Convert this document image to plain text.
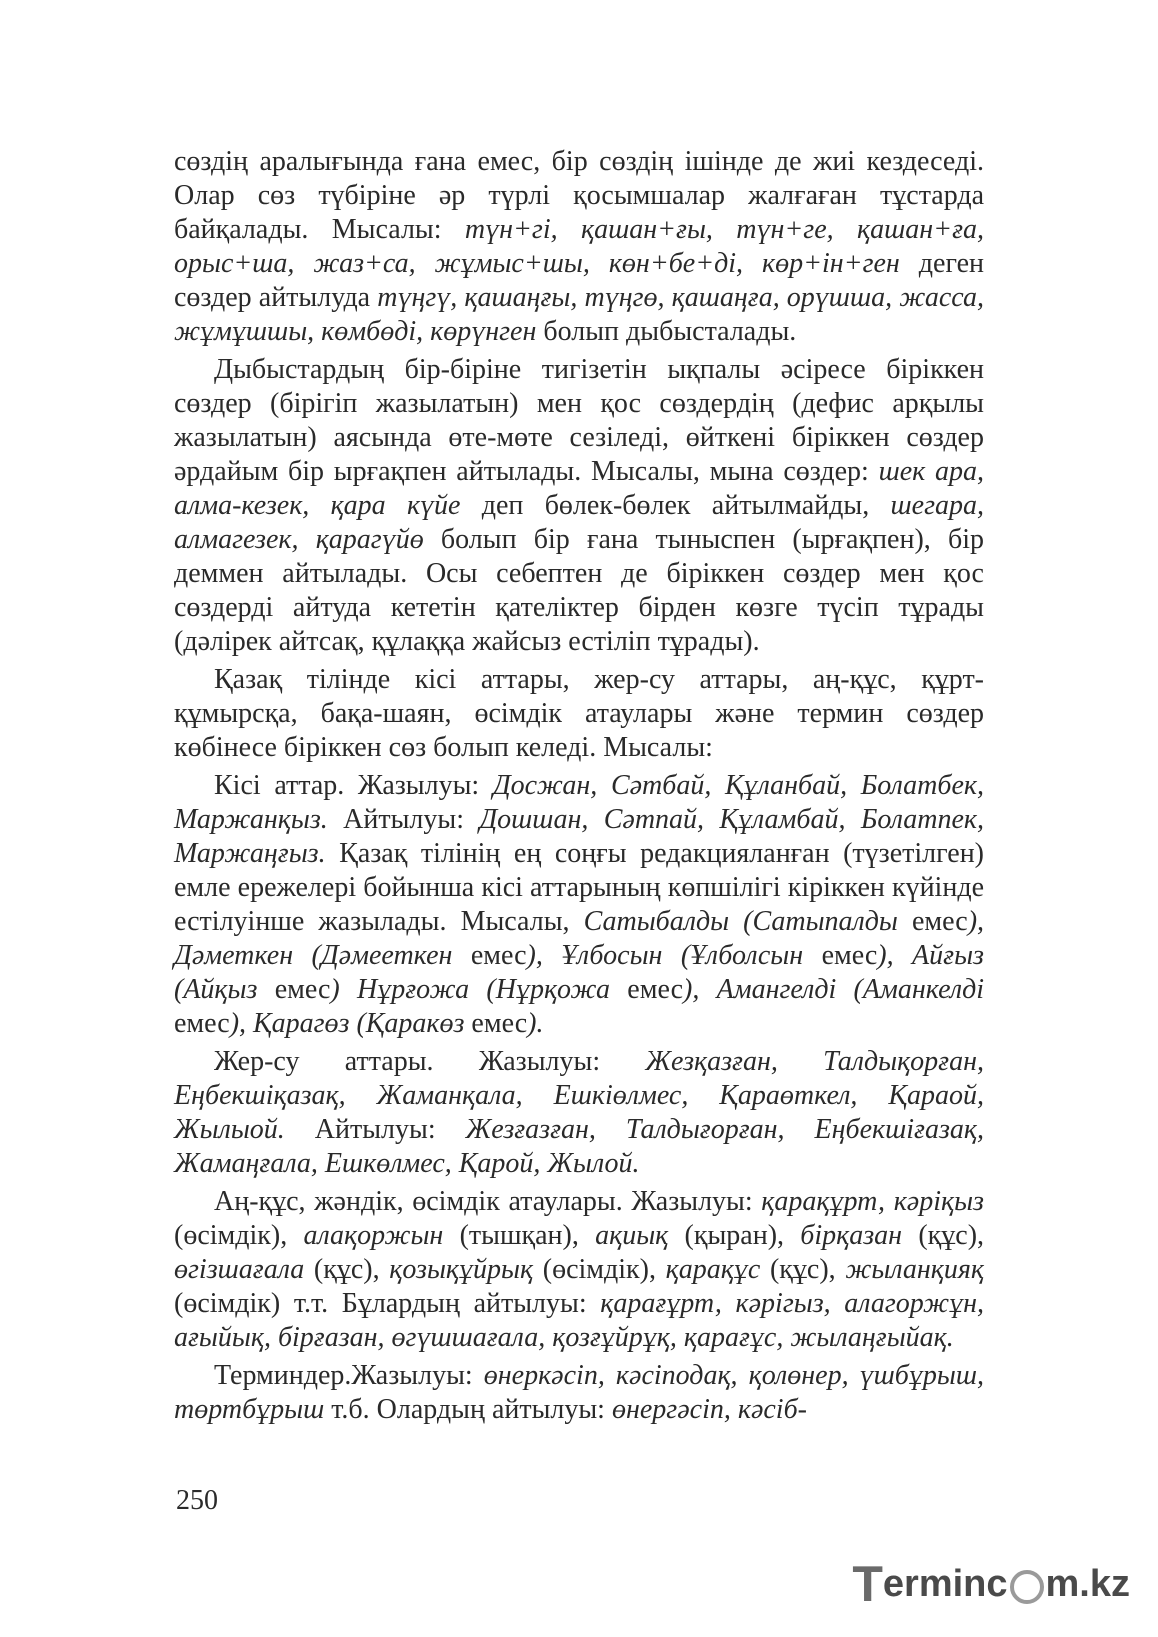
сөздің аралығында ғана емес, бір сөздің ішінде де жиі кездеседі. Олар сөз түбіріне әр түрлі қосымшалар жалғаған тұстарда байқалады. Мысалы: түн+гі, қашан+ғы, түн+ге, қашан+ға, орыс+ша, жаз+са, жұмыс+шы, көн+бе+ді, көр+ін+ген деген сөздер айтылуда түңгү, қашаңғы, түңгө, қашаңға, орүшша, жасса, жұмұшшы, көмбөді, көрүнген болып дыбысталады.

Дыбыстардың бір-біріне тигізетін ықпалы әсіресе біріккен сөздер (бірігіп жазылатын) мен қос сөздердің (дефис арқылы жазылатын) аясында өте-мөте сезіледі, өйткені біріккен сөздер әрдайым бір ырғақпен айтылады. Мысалы, мына сөздер: шек ара, алма-кезек, қара күйе деп бөлек-бөлек айтылмайды, шегара, алмагезек, қарагүйө болып бір ғана тыныспен (ырғақпен), бір деммен айтылады. Осы себептен де біріккен сөздер мен қос сөздерді айтуда кететін қателіктер бірден көзге түсіп тұрады (дәлірек айтсақ, құлаққа жайсыз естіліп тұрады).

Қазақ тілінде кісі аттары, жер-су аттары, аң-құс, құрт-құмырсқа, бақа-шаян, өсімдік атаулары және термин сөздер көбінесе біріккен сөз болып келеді. Мысалы:

Кісі аттар. Жазылуы: Досжан, Сәтбай, Құланбай, Болатбек, Маржанқыз. Айтылуы: Дошшан, Сәтпай, Құламбай, Болатпек, Маржаңғыз. Қазақ тілінің ең соңғы редакцияланған (түзетілген) емле ережелері бойынша кісі аттарының көпшілігі кіріккен күйінде естілуінше жазылады. Мысалы, Сатыбалды (Сатыпалды емес), Дәметкен (Дәмееткен емес), Ұлбосын (Ұлболсын емес), Айғыз (Айқыз емес) Нұрғожа (Нұрқожа емес), Амангелді (Аманкелді емес), Қарагөз (Қаракөз емес).

Жер-су аттары. Жазылуы: Жезқазған, Талдықорған, Еңбекшіқазақ, Жаманқала, Ешкіөлмес, Қараөткел, Қараой, Жылыой. Айтылуы: Жезғазған, Талдығорған, Еңбекшіғазақ, Жамаңғала, Ешкөлмес, Қарой, Жылой.

Аң-құс, жәндік, өсімдік атаулары. Жазылуы: қарақұрт, кәріқыз (өсімдік), алақоржын (тышқан), ақиық (қыран), бірқазан (құс), өгізшағала (құс), қозықұйрық (өсімдік), қарақұс (құс), жыланқияқ (өсімдік) т.т. Бұлардың айтылуы: қарағұрт, кәрігыз, алагоржұн, ағыйық, бірғазан, өгүшшағала, қозғұйрұқ, қарағұс, жылаңғыйақ.

Терминдер.Жазылуы: өнеркәсіп, кәсіподақ, қолөнер, үшбұрыш, төртбұрыш т.б. Олардың айтылуы: өнергәсіп, кәсіб-

250
T erminc m.kz
